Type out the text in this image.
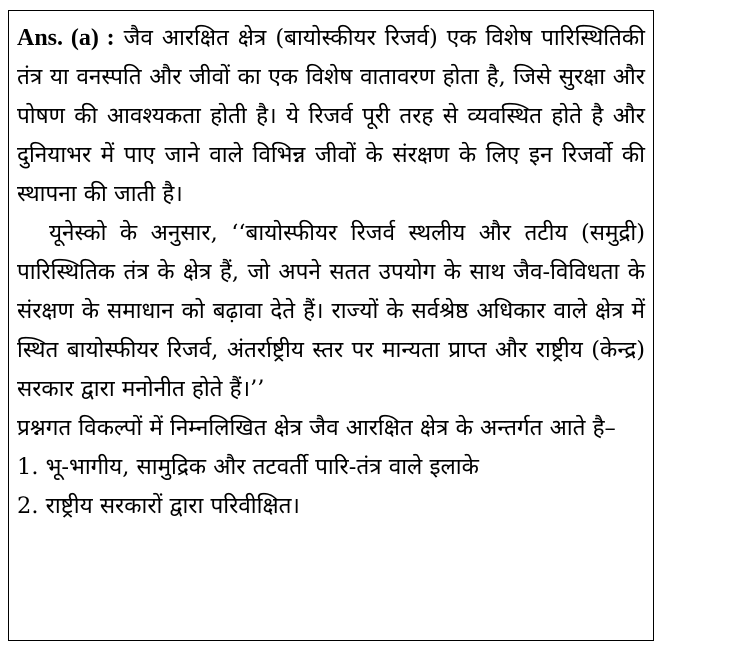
Ans. (a) : जैव आरक्षित क्षेत्र (बायोस्कीयर रिजर्व) एक विशेष पारिस्थितिकी तंत्र या वनस्पति और जीवों का एक विशेष वातावरण होता है, जिसे सुरक्षा और पोषण की आवश्यकता होती है। ये रिजर्व पूरी तरह से व्यवस्थित होते है और दुनियाभर में पाए जाने वाले विभिन्न जीवों के संरक्षण के लिए इन रिजर्वो की स्थापना की जाती है।

यूनेस्को के अनुसार, ‘‘बायोस्फीयर रिजर्व स्थलीय और तटीय (समुद्री) पारिस्थितिक तंत्र के क्षेत्र हैं, जो अपने सतत उपयोग के साथ जैव-विविधता के संरक्षण के समाधान को बढ़ावा देते हैं। राज्यों के सर्वश्रेष्ठ अधिकार वाले क्षेत्र में स्थित बायोस्फीयर रिजर्व, अंतर्राष्ट्रीय स्तर पर मान्यता प्राप्त और राष्ट्रीय (केन्द्र) सरकार द्वारा मनोनीत होते हैं।’’

प्रश्नगत विकल्पों में निम्नलिखित क्षेत्र जैव आरक्षित क्षेत्र के अन्तर्गत आते है–

1. भू-भागीय, सामुद्रिक और तटवर्ती पारि-तंत्र वाले इलाके

2. राष्ट्रीय सरकारों द्वारा परिवीक्षित।
